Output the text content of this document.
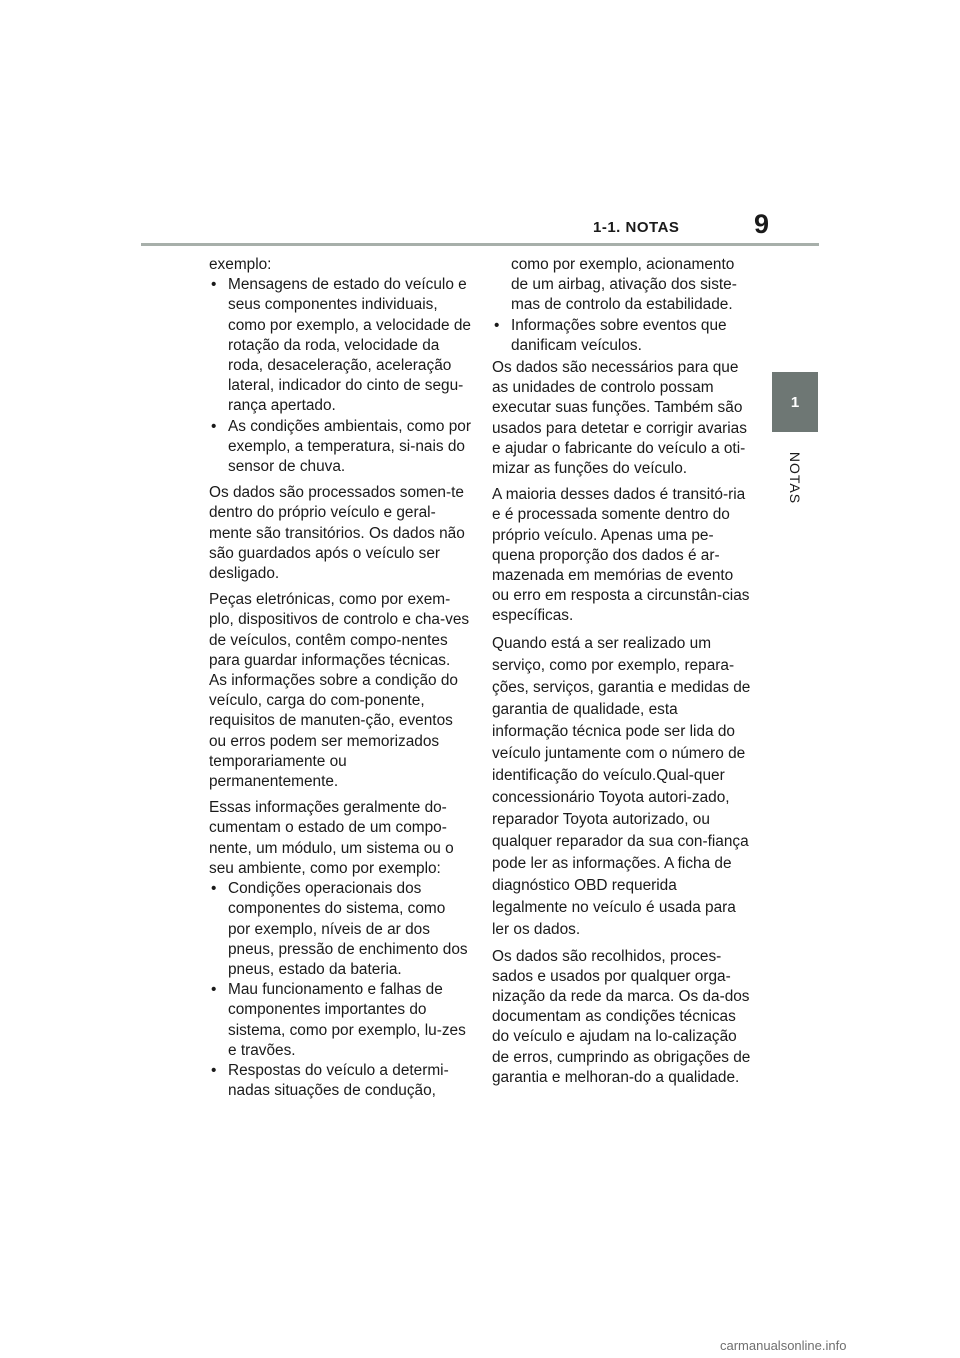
1-1. NOTAS	9
1
NOTAS

exemplo:

• Mensagens de estado do veículo e seus componentes individuais, como por exemplo, a velocidade de rotação da roda, velocidade da roda, desaceleração, aceleração lateral, indicador do cinto de segu-rança apertado.
• As condições ambientais, como por exemplo, a temperatura, si-nais do sensor de chuva.

Os dados são processados somen-te dentro do próprio veículo e geral-mente são transitórios. Os dados não são guardados após o veículo ser desligado.

Peças eletrónicas, como por exem-plo, dispositivos de controlo e cha-ves de veículos, contêm compo-nentes para guardar informações técnicas. As informações sobre a condição do veículo, carga do com-ponente, requisitos de manuten-ção, eventos ou erros podem ser memorizados temporariamente ou permanentemente.

Essas informações geralmente do-cumentam o estado de um compo-nente, um módulo, um sistema ou o seu ambiente, como por exemplo:

• Condições operacionais dos componentes do sistema, como por exemplo, níveis de ar dos pneus, pressão de enchimento dos pneus, estado da bateria.
• Mau funcionamento e falhas de componentes importantes do sistema, como por exemplo, lu-zes e travões.
• Respostas do veículo a determi-nadas situações de condução,
como por exemplo, acionamento de um airbag, ativação dos siste-mas de controlo da estabilidade.
• Informações sobre eventos que danificam veículos.

Os dados são necessários para que as unidades de controlo possam executar suas funções. Também são usados para detetar e corrigir avarias e ajudar o fabricante do veículo a oti-mizar as funções do veículo.

A maioria desses dados é transitó-ria e é processada somente dentro do próprio veículo. Apenas uma pe-quena proporção dos dados é ar-mazenada em memórias de evento ou erro em resposta a circunstân-cias específicas.

Quando está a ser realizado um serviço, como por exemplo, repara-ções, serviços, garantia e medidas de garantia de qualidade, esta informação técnica pode ser lida do veículo juntamente com o número de identificação do veículo.Qual-quer concessionário Toyota autori-zado, reparador Toyota autorizado, ou qualquer reparador da sua con-fiança pode ler as informações. A ficha de diagnóstico OBD requerida legalmente no veículo é usada para ler os dados.

Os dados são recolhidos, proces-sados e usados por qualquer orga-nização da rede da marca. Os da-dos documentam as condições técnicas do veículo e ajudam na lo-calização de erros, cumprindo as obrigações de garantia e melhoran-do a qualidade.

carmanualsonline.info
